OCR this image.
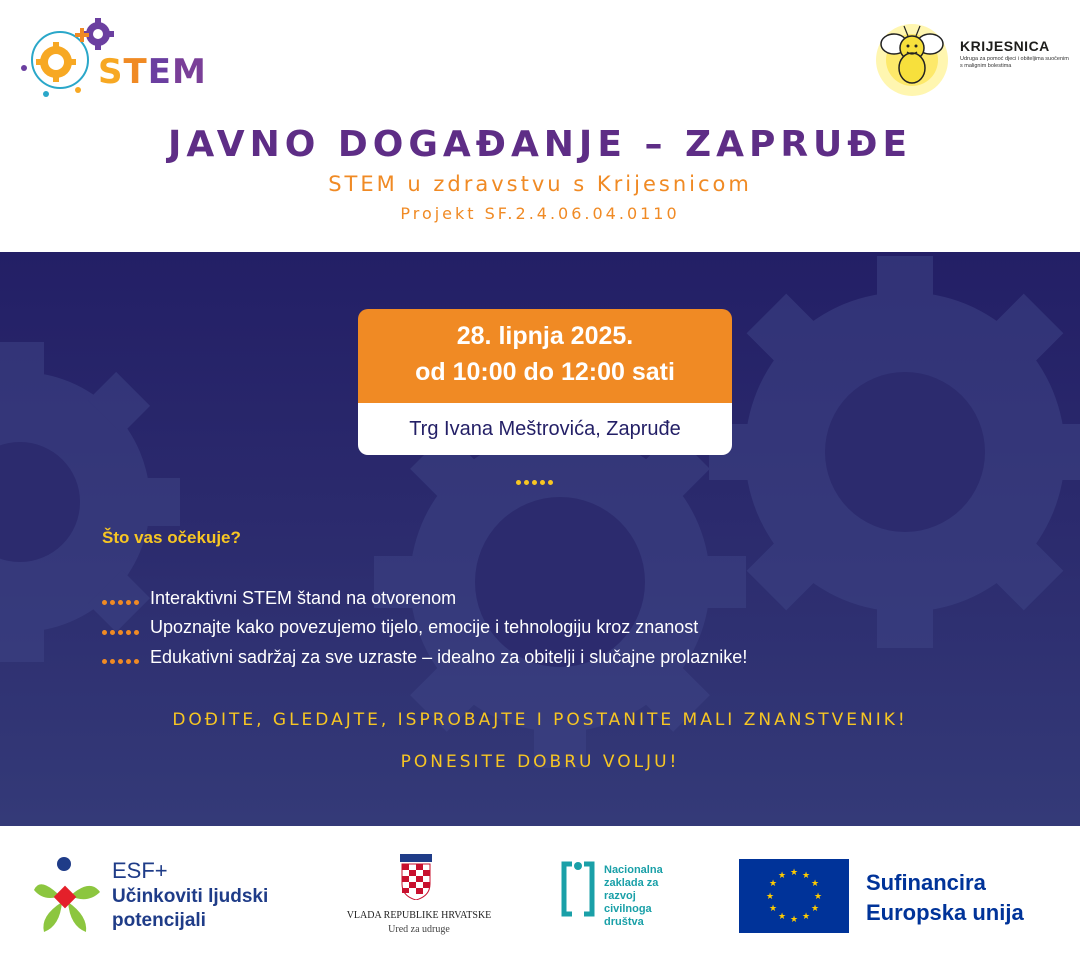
STEM
KRIJESNICA
Udruga za pomoć djeci i obiteljima suočenim s malignim bolestima
JAVNO DOGAĐANJE – ZAPRUĐE
STEM u zdravstvu s Krijesnicom
Projekt SF.2.4.06.04.0110
28. lipnja 2025.
od 10:00 do 12:00 sati
Trg Ivana Meštrovića, Zapruđe
Što vas očekuje?
Interaktivni STEM štand na otvorenom
Upoznajte kako povezujemo tijelo, emocije i tehnologiju kroz znanost
Edukativni sadržaj za sve uzraste – idealno za obitelji i slučajne prolaznike!
DOĐITE, GLEDAJTE, ISPROBAJTE I POSTANITE MALI ZNANSTVENIK!
PONESITE DOBRU VOLJU!
ESF+
Učinkoviti ljudski
potencijali	VLADA REPUBLIKE HRVATSKE
Ured za udruge
Nacionalna zaklada za razvoj civilnoga društva
★ ★
★
★
★
★
★
★
★
★
★
★	Sufinancira
Europska unija
